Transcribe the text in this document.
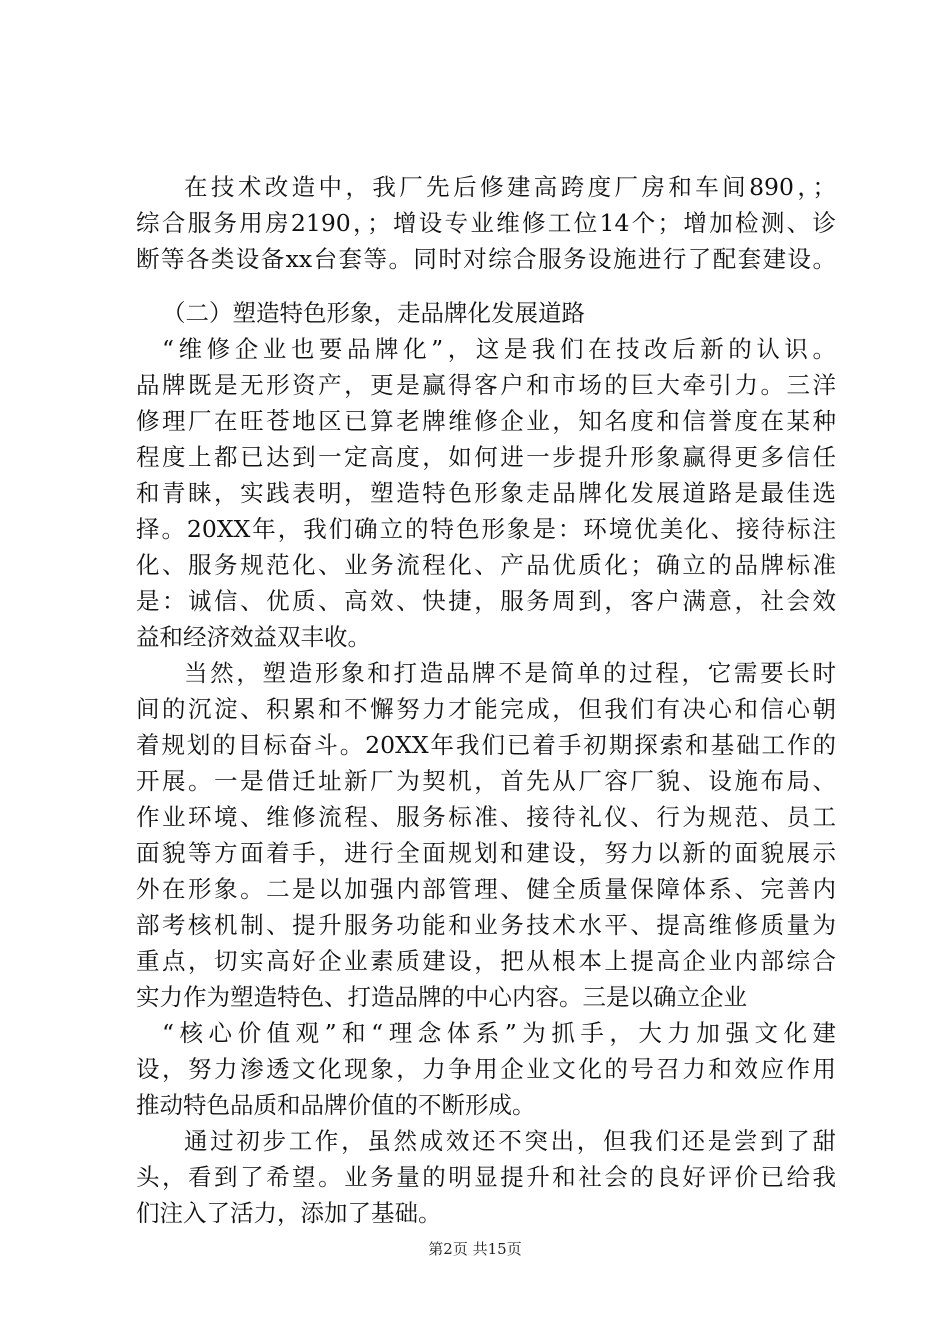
在技术改造中，我厂先后修建高跨度厂房和车间890，；
综合服务用房2190，；增设专业维修工位14个；增加检测、诊
断等各类设备xx台套等。同时对综合服务设施进行了配套建设。
（二）塑造特色形象，走品牌化发展道路
“维修企业也要品牌化”，这是我们在技改后新的认识。
品牌既是无形资产，更是赢得客户和市场的巨大牵引力。三洋
修理厂在旺苍地区已算老牌维修企业，知名度和信誉度在某种
程度上都已达到一定高度，如何进一步提升形象赢得更多信任
和青睐，实践表明，塑造特色形象走品牌化发展道路是最佳选
择。20XX年，我们确立的特色形象是：环境优美化、接待标注
化、服务规范化、业务流程化、产品优质化；确立的品牌标准
是：诚信、优质、高效、快捷，服务周到，客户满意，社会效
益和经济效益双丰收。
当然，塑造形象和打造品牌不是简单的过程，它需要长时
间的沉淀、积累和不懈努力才能完成，但我们有决心和信心朝
着规划的目标奋斗。20XX年我们已着手初期探索和基础工作的
开展。一是借迁址新厂为契机，首先从厂容厂貌、设施布局、
作业环境、维修流程、服务标准、接待礼仪、行为规范、员工
面貌等方面着手，进行全面规划和建设，努力以新的面貌展示
外在形象。二是以加强内部管理、健全质量保障体系、完善内
部考核机制、提升服务功能和业务技术水平、提高维修质量为
重点，切实高好企业素质建设，把从根本上提高企业内部综合
实力作为塑造特色、打造品牌的中心内容。三是以确立企业
“核心价值观”和“理念体系”为抓手，大力加强文化建
设，努力渗透文化现象，力争用企业文化的号召力和效应作用
推动特色品质和品牌价值的不断形成。
通过初步工作，虽然成效还不突出，但我们还是尝到了甜
头，看到了希望。业务量的明显提升和社会的良好评价已给我
们注入了活力，添加了基础。
第2页 共15页
